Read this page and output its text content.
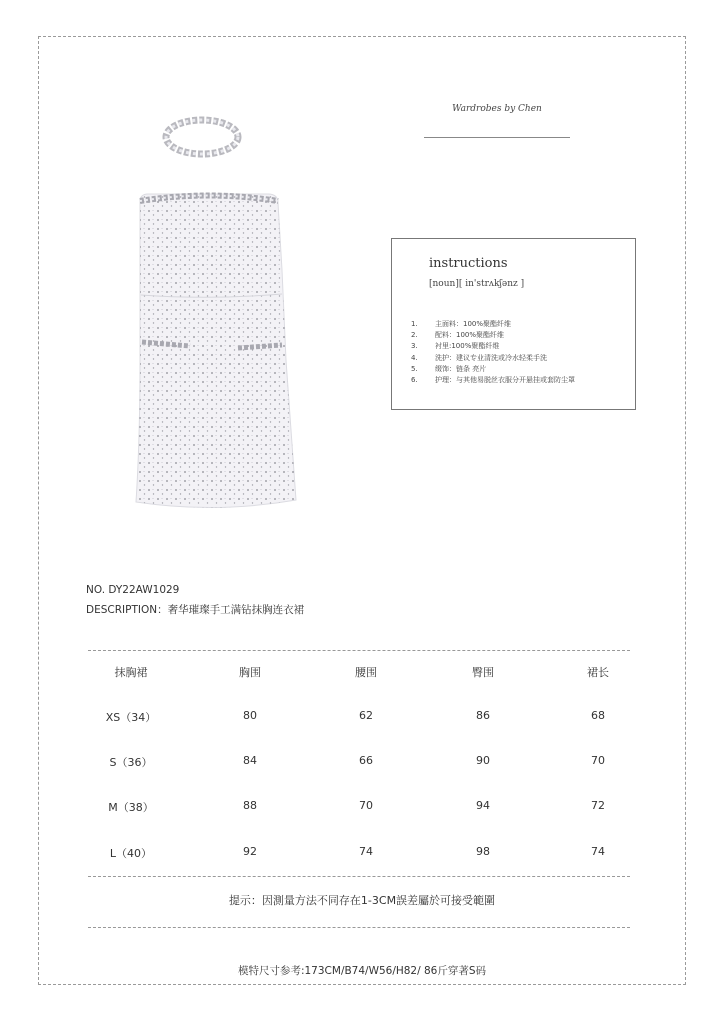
Wardrobes by Chen
instructions
[noun][ in'strʌkʃənz ]
1.	主面料：100%聚酯纤维
2.	配料：100%聚酯纤维
3.	衬里:100%聚酯纤维
4.	洗护：建议专业清洗或冷水轻柔手洗
5.	缀饰：链条 亮片
6.	护理：与其他易脱丝衣服分开悬挂或套防尘罩
NO. DY22AW1029
DESCRIPTION：奢华璀璨手工满钻抹胸连衣裙
抹胸裙	胸围	腰围	臀围	裙长
XS（34）	80	62	86	68
S（36）	84	66	90	70
M（38）	88	70	94	72
L（40）	92	74	98	74
提示：因測量方法不同存在1-3CM誤差屬於可接受範圍
模特尺寸参考:173CM/B74/W56/H82/ 86斤穿著S码
